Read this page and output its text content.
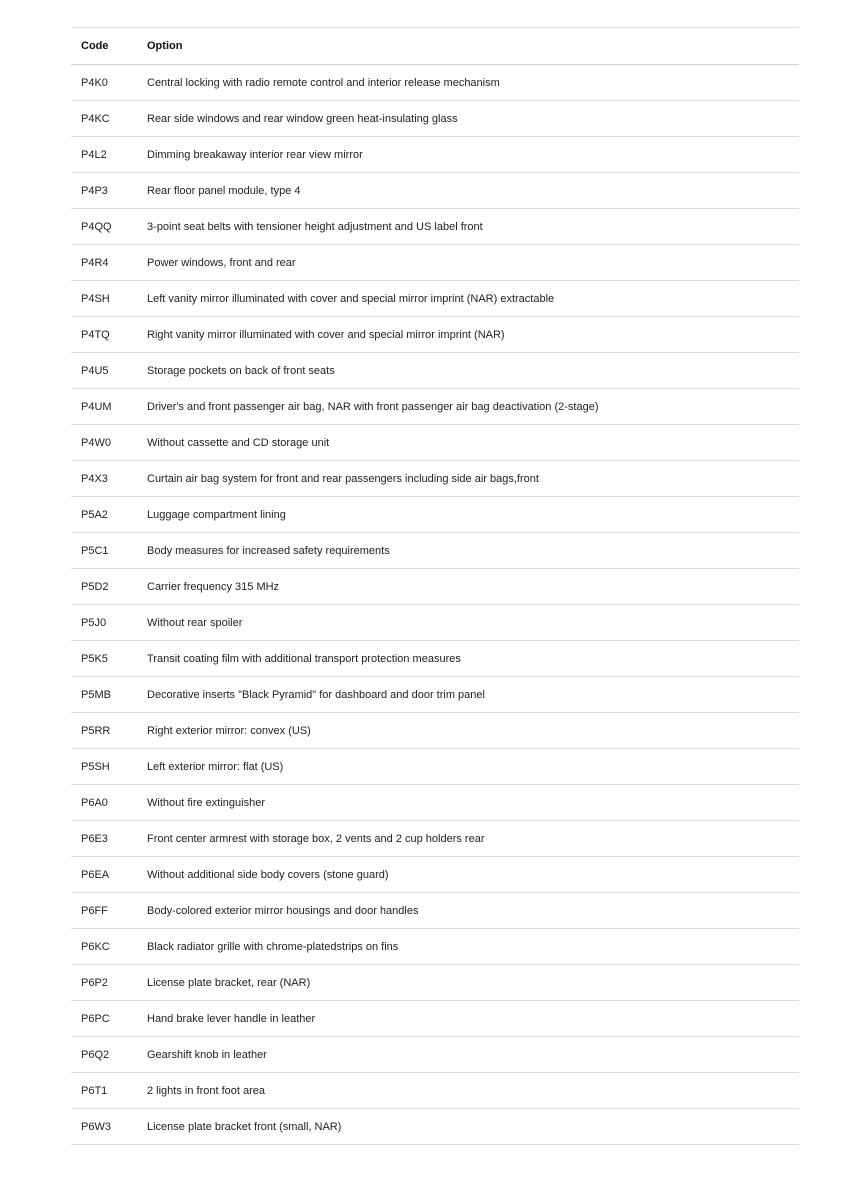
Code	Option
P4K0	Central locking with radio remote control and interior release mechanism
P4KC	Rear side windows and rear window green heat-insulating glass
P4L2	Dimming breakaway interior rear view mirror
P4P3	Rear floor panel module, type 4
P4QQ	3-point seat belts with tensioner height adjustment and US label front
P4R4	Power windows, front and rear
P4SH	Left vanity mirror illuminated with cover and special mirror imprint (NAR) extractable
P4TQ	Right vanity mirror illuminated with cover and special mirror imprint (NAR)
P4U5	Storage pockets on back of front seats
P4UM	Driver's and front passenger air bag, NAR with front passenger air bag deactivation (2-stage)
P4W0	Without cassette and CD storage unit
P4X3	Curtain air bag system for front and rear passengers including side air bags,front
P5A2	Luggage compartment lining
P5C1	Body measures for increased safety requirements
P5D2	Carrier frequency 315 MHz
P5J0	Without rear spoiler
P5K5	Transit coating film with additional transport protection measures
P5MB	Decorative inserts "Black Pyramid" for dashboard and door trim panel
P5RR	Right exterior mirror: convex (US)
P5SH	Left exterior mirror: flat (US)
P6A0	Without fire extinguisher
P6E3	Front center armrest with storage box, 2 vents and 2 cup holders rear
P6EA	Without additional side body covers (stone guard)
P6FF	Body-colored exterior mirror housings and door handles
P6KC	Black radiator grille with chrome-platedstrips on fins
P6P2	License plate bracket, rear (NAR)
P6PC	Hand brake lever handle in leather
P6Q2	Gearshift knob in leather
P6T1	2 lights in front foot area
P6W3	License plate bracket front (small, NAR)
